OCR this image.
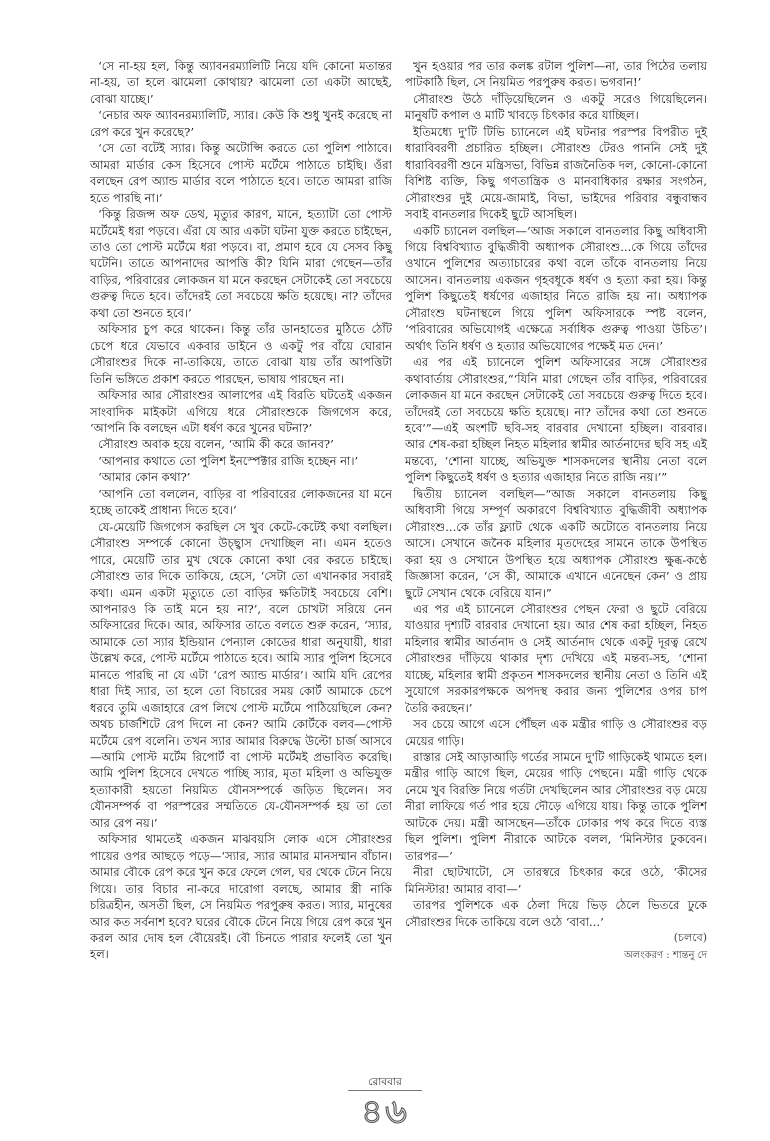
‘সে না-হয় হল, কিন্তু অ্যাবনরম্যালিটি নিয়ে যদি কোনো মতান্তর না-হয়, তা হলে ঝামেলা কোথায়? ঝামেলা তো একটা আছেই, বোঝা যাচ্ছে।’

‘নেচার অফ অ্যাবনরম্যালিটি, স্যার। কেউ কি শুধু খুনই করেছে না রেপ করে খুন করেছে?’

‘সে তো বটেই স্যার। কিন্তু অটোপ্সি করতে তো পুলিশ পাঠাবে। আমরা মার্ডার কেস হিসেবে পোস্ট মর্টেমে পাঠাতে চাইছি। ওঁরা বলছেন রেপ অ্যান্ড মার্ডার বলে পাঠাতে হবে। তাতে আমরা রাজি হতে পারছি না।’

‘কিন্তু রিজন্স অফ ডেথ, মৃত্যুর কারণ, মানে, হত্যাটা তো পোস্ট মর্টেমেই ধরা পড়বে। এঁরা যে আর একটা ঘটনা যুক্ত করতে চাইছেন, তাও তো পোস্ট মর্টেমে ধরা পড়বে। বা, প্রমাণ হবে যে সেসব কিছু ঘটেনি। তাতে আপনাদের আপত্তি কী? যিনি মারা গেছেন—তাঁর বাড়ির, পরিবারের লোকজন যা মনে করছেন সেটাকেই তো সবচেয়ে গুরুত্ব দিতে হবে। তাঁদেরই তো সবচেয়ে ক্ষতি হয়েছে। না? তাঁদের কথা তো শুনতে হবে।’

অফিসার চুপ করে থাকেন। কিন্তু তাঁর ডানহাতের মুঠিতে ঠোঁট চেপে ধরে যেভাবে একবার ডাইনে ও একটু পর বাঁয়ে ঘোরান সৌরাংশুর দিকে না-তাকিয়ে, তাতে বোঝা যায় তাঁর আপত্তিটা তিনি ভঙ্গিতে প্রকাশ করতে পারছেন, ভাষায় পারছেন না।

অফিসার আর সৌরাংশুর আলাপের এই বিরতি ঘটতেই একজন সাংবাদিক মাইকটা এগিয়ে ধরে সৌরাংশুকে জিগগেস করে, ‘আপনি কি বলছেন এটা ধর্ষণ করে খুনের ঘটনা?’

সৌরাংশু অবাক হয়ে বলেন, ‘আমি কী করে জানব?’

‘আপনার কথাতে তো পুলিশ ইনস্পেক্টার রাজি হচ্ছেন না।’

‘আমার কোন কথা?’

‘আপনি তো বললেন, বাড়ির বা পরিবারের লোকজনের যা মনে হচ্ছে তাকেই প্রাধান্য দিতে হবে।’

যে-মেয়েটি জিগগেস করছিল সে খুব কেটে-কেটেই কথা বলছিল। সৌরাংশু সম্পর্কে কোনো উচ্ছ্বাস দেখাচ্ছিল না। এমন হতেও পারে, মেয়েটি তার মুখ থেকে কোনো কথা বের করতে চাইছে। সৌরাংশু তার দিকে তাকিয়ে, হেসে, ‘সেটা তো এখানকার সবারই কথা। এমন একটা মৃত্যুতে তো বাড়ির ক্ষতিটাই সবচেয়ে বেশি। আপনারও কি তাই মনে হয় না?’, বলে চোখটা সরিয়ে নেন অফিসারের দিকে। আর, অফিসার তাতে বলতে শুরু করেন, ‘স্যার, আমাকে তো স্যার ইন্ডিয়ান পেন্যাল কোডের ধারা অনুযায়ী, ধারা উল্লেখ করে, পোস্ট মর্টেমে পাঠাতে হবে। আমি স্যার পুলিশ হিসেবে মানতে পারছি না যে এটা ‘রেপ অ্যান্ড মার্ডার’। আমি যদি রেপের ধারা দিই স্যার, তা হলে তো বিচারের সময় কোর্ট আমাকে চেপে ধরবে তুমি এজাহারে রেপ লিখে পোস্ট মর্টেমে পাঠিয়েছিলে কেন? অথচ চার্জশিটে রেপ দিলে না কেন? আমি কোর্টকে বলব—পোস্ট মর্টেমে রেপ বলেনি। তখন স্যার আমার বিরুদ্ধে উল্টো চার্জ আসবে—আমি পোস্ট মর্টেম রিপোর্ট বা পোস্ট মর্টেমই প্রভাবিত করেছি। আমি পুলিশ হিসেবে দেখতে পাচ্ছি স্যার, মৃতা মহিলা ও অভিযুক্ত হত্যাকারী হয়তো নিয়মিত যৌনসম্পর্কে জড়িত ছিলেন। সব যৌনসম্পর্ক বা পরস্পরের সম্মতিতে যে-যৌনসম্পর্ক হয় তা তো আর রেপ নয়।’

অফিসার থামতেই একজন মাঝবয়সি লোক এসে সৌরাংশুর পায়ের ওপর আছড়ে পড়ে—‘স্যার, স্যার আমার মানসম্মান বাঁচান। আমার বৌকে রেপ করে খুন করে ফেলে গেল, ঘর থেকে টেনে নিয়ে গিয়ে। তার বিচার না-করে দারোগা বলছে, আমার স্ত্রী নাকি চরিত্রহীন, অসতী ছিল, সে নিয়মিত পরপুরুষ করত। স্যার, মানুষের আর কত সর্বনাশ হবে? ঘরের বৌকে টেনে নিয়ে গিয়ে রেপ করে খুন করল আর দোষ হল বৌয়েরই। বৌ চিনতে পারার ফলেই তো খুন হল।

খুন হওয়ার পর তার কলঙ্ক রটাল পুলিশ—না, তার পিঠের তলায় পাটকাঠি ছিল, সে নিয়মিত পরপুরুষ করত। ভগবান!’

সৌরাংশু উঠে দাঁড়িয়েছিলেন ও একটু সরেও গিয়েছিলেন। মানুষটি কপাল ও মাটি খাবড়ে চিৎকার করে যাচ্ছিল।

ইতিমধ্যে দু'টি টিভি চ্যানেলে এই ঘটনার পরস্পর বিপরীত দুই ধারাবিবরণী প্রচারিত হচ্ছিল। সৌরাংশু টেরও পাননি সেই দুই ধারাবিবরণী শুনে মন্ত্রিসভা, বিভিন্ন রাজনৈতিক দল, কোনো-কোনো বিশিষ্ট ব্যক্তি, কিছু গণতান্ত্রিক ও মানবাধিকার রক্ষার সংগঠন, সৌরাংশুর দুই মেয়ে-জামাই, বিভা, ভাইদের পরিবার বন্ধুবান্ধব সবাই বানতলার দিকেই ছুটে আসছিল।

একটি চ্যানেল বলছিল—‘আজ সকালে বানতলার কিছু অধিবাসী গিয়ে বিশ্ববিখ্যাত বুদ্ধিজীবী অধ্যাপক সৌরাংশু...কে গিয়ে তাঁদের ওখানে পুলিশের অত্যাচারের কথা বলে তাঁকে বানতলায় নিয়ে আসেন। বানতলায় একজন গৃহবধূকে ধর্ষণ ও হত্যা করা হয়। কিন্তু পুলিশ কিছুতেই ধর্ষণের এজাহার নিতে রাজি হয় না। অধ্যাপক সৌরাংশু ঘটনাস্থলে গিয়ে পুলিশ অফিসারকে স্পষ্ট বলেন, ‘পরিবারের অভিযোগই এক্ষেত্রে সর্বাধিক গুরুত্ব পাওয়া উচিত’। অর্থাৎ তিনি ধর্ষণ ও হত্যার অভিযোগের পক্ষেই মত দেন।’

এর পর এই চ্যানেলে পুলিশ অফিসারের সঙ্গে সৌরাংশুর কথাবার্তায় সৌরাংশুর,“‘যিনি মারা গেছেন তাঁর বাড়ির, পরিবারের লোকজন যা মনে করছেন সেটাকেই তো সবচেয়ে গুরুত্ব দিতে হবে। তাঁদেরই তো সবচেয়ে ক্ষতি হয়েছে। না? তাঁদের কথা তো শুনতে হবে’”—এই অংশটি ছবি-সহ বারবার দেখানো হচ্ছিল। বারবার। আর শেষ-করা হচ্ছিল নিহত মহিলার স্বামীর আর্তনাদের ছবি সহ এই মন্তব্যে, ‘শোনা যাচ্ছে, অভিযুক্ত শাসকদলের স্থানীয় নেতা বলে পুলিশ কিছুতেই ধর্ষণ ও হত্যার এজাহার নিতে রাজি নয়।’”

দ্বিতীয় চ্যানেল বলছিল—“আজ সকালে বানতলায় কিছু অধিবাসী গিয়ে সম্পূর্ণ অকারণে বিশ্ববিখ্যাত বুদ্ধিজীবী অধ্যাপক সৌরাংশু...কে তাঁর ফ্ল্যাট থেকে একটি অটোতে বানতলায় নিয়ে আসে। সেখানে জনৈক মহিলার মৃতদেহের সামনে তাকে উপস্থিত করা হয় ও সেখানে উপস্থিত হয়ে অধ্যাপক সৌরাংশু ক্ষুব্ধ-কণ্ঠে জিজ্ঞাসা করেন, ‘সে কী, আমাকে এখানে এনেছেন কেন’ ও প্রায় ছুটে সেখান থেকে বেরিয়ে যান।”

এর পর এই চ্যানেলে সৌরাংশুর পেছন ফেরা ও ছুটে বেরিয়ে যাওয়ার দৃশ্যটি বারবার দেখানো হয়। আর শেষ করা হচ্ছিল, নিহত মহিলার স্বামীর আর্তনাদ ও সেই আর্তনাদ থেকে একটু দূরত্ব রেখে সৌরাংশুর দাঁড়িয়ে থাকার দৃশ্য দেখিয়ে এই মন্তব্য-সহ, ‘শোনা যাচ্ছে, মহিলার স্বামী প্রকৃতন শাসকদলের স্থানীয় নেতা ও তিনি এই সুযোগে সরকারপক্ষকে অপদস্থ করার জন্য পুলিশের ওপর চাপ তৈরি করছেন।’

সব চেয়ে আগে এসে পৌঁছল এক মন্ত্রীর গাড়ি ও সৌরাংশুর বড় মেয়ের গাড়ি।

রাস্তার সেই আড়াআড়ি গর্তের সামনে দু'টি গাড়িকেই থামতে হল। মন্ত্রীর গাড়ি আগে ছিল, মেয়ের গাড়ি পেছনে। মন্ত্রী গাড়ি থেকে নেমে খুব বিরক্তি নিয়ে গর্তটা দেখছিলেন আর সৌরাংশুর বড় মেয়ে নীরা লাফিয়ে গর্ত পার হয়ে দৌড়ে এগিয়ে যায়। কিন্তু তাকে পুলিশ আটকে দেয়। মন্ত্রী আসছেন—তাঁকে ঢোকার পথ করে দিতে ব্যস্ত ছিল পুলিশ। পুলিশ নীরাকে আটকে বলল, ‘মিনিস্টার ঢুকবেন। তারপর—’

নীরা ছোটখাটো, সে তারস্বরে চিৎকার করে ওঠে, ‘কীসের মিনিস্টার! আমার বাবা—’

তারপর পুলিশকে এক ঠেলা দিয়ে ভিড় ঠেলে ভিতরে ঢুকে সৌরাংশুর দিকে তাকিয়ে বলে ওঠে ‘বাবা...’

(চলবে)

অলংকরণ : শান্তনু দে

রোববার
৪৬
